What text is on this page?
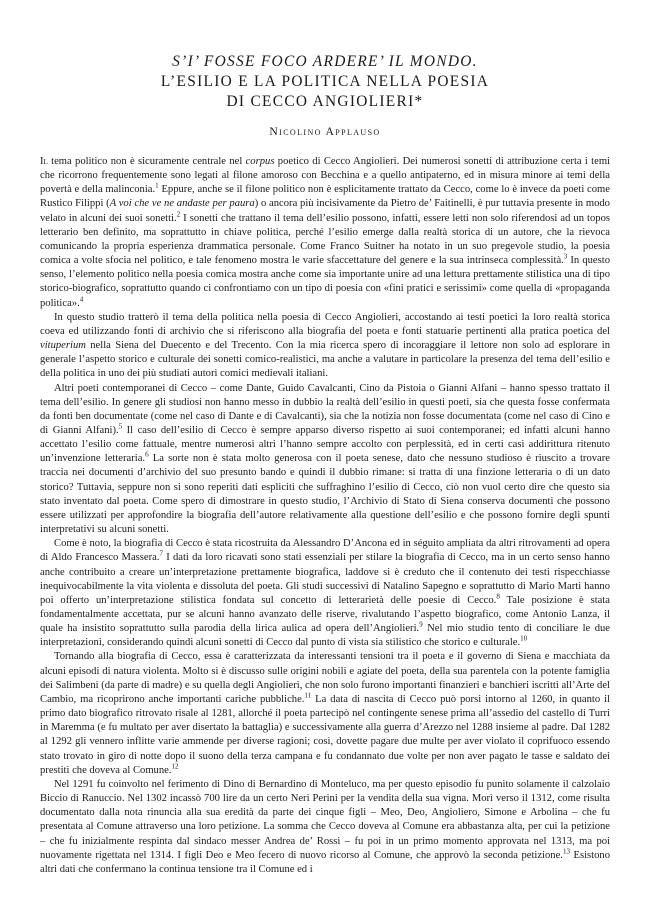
S’I’ FOSSE FOCO ARDERE’ IL MONDO.
L’ESILIO E LA POLITICA NELLA POESIA
DI CECCO ANGIOLIERI*
Nicolino Applauso

Il tema politico non è sicuramente centrale nel corpus poetico di Cecco Angiolieri. Dei numerosi sonetti di attribuzione certa i temi che ricorrono frequentemente sono legati al filone amoroso con Becchina e a quello antipaterno, ed in misura minore ai temi della povertà e della malinconia.$^1$ Eppure, anche se il filone politico non è esplicitamente trattato da Cecco, come lo è invece da poeti come Rustico Filippi (A voi che ve ne andaste per paura) o ancora più incisivamente da Pietro de’ Faitinelli, è pur tuttavia presente in modo velato in alcuni dei suoi sonetti.$^2$ I sonetti che trattano il tema dell’esilio possono, infatti, essere letti non solo riferendosi ad un topos letterario ben definito, ma soprattutto in chiave politica, perché l’esilio emerge dalla realtà storica di un autore, che la rievoca comunicando la propria esperienza drammatica personale. Come Franco Suitner ha notato in un suo pregevole studio, la poesia comica a volte sfocia nel politico, e tale fenomeno mostra le varie sfaccettature del genere e la sua intrinseca complessità.$^3$ In questo senso, l’elemento politico nella poesia comica mostra anche come sia importante unire ad una lettura prettamente stilistica una di tipo storico-biografico, soprattutto quando ci confrontiamo con un tipo di poesia con «fini pratici e serissimi» come quella di «propaganda politica».$^4$

In questo studio tratterò il tema della politica nella poesia di Cecco Angiolieri, accostando ai testi poetici la loro realtà storica coeva ed utilizzando fonti di archivio che si riferiscono alla biografia del poeta e fonti statuarie pertinenti alla pratica poetica del vituperium nella Siena del Duecento e del Trecento. Con la mia ricerca spero di incoraggiare il lettore non solo ad esplorare in generale l’aspetto storico e culturale dei sonetti comico-realistici, ma anche a valutare in particolare la presenza del tema dell’esilio e della politica in uno dei più studiati autori comici medievali italiani.

Altri poeti contemporanei di Cecco – come Dante, Guido Cavalcanti, Cino da Pistoia o Gianni Alfani – hanno spesso trattato il tema dell’esilio. In genere gli studiosi non hanno messo in dubbio la realtà dell’esilio in questi poeti, sia che questa fosse confermata da fonti ben documentate (come nel caso di Dante e di Cavalcanti), sia che la notizia non fosse documentata (come nel caso di Cino e di Gianni Alfani).$^5$ Il caso dell’esilio di Cecco è sempre apparso diverso rispetto ai suoi contemporanei; ed infatti alcuni hanno accettato l’esilio come fattuale, mentre numerosi altri l’hanno sempre accolto con perplessità, ed in certi casi addirittura ritenuto un’invenzione letteraria.$^6$ La sorte non è stata molto generosa con il poeta senese, dato che nessuno studioso è riuscito a trovare traccia nei documenti d’archivio del suo presunto bando e quindi il dubbio rimane: si tratta di una finzione letteraria o di un dato storico? Tuttavia, seppure non si sono reperiti dati espliciti che suffraghino l’esilio di Cecco, ciò non vuol certo dire che questo sia stato inventato dal poeta. Come spero di dimostrare in questo studio, l’Archivio di Stato di Siena conserva documenti che possono essere utilizzati per approfondire la biografia dell’autore relativamente alla questione dell’esilio e che possono fornire degli spunti interpretativi su alcuni sonetti.

Come è noto, la biografia di Cecco è stata ricostruita da Alessandro D’Ancona ed in séguito ampliata da altri ritrovamenti ad opera di Aldo Francesco Massera.$^7$ I dati da loro ricavati sono stati essenziali per stilare la biografia di Cecco, ma in un certo senso hanno anche contribuito a creare un’interpretazione prettamente biografica, laddove si è creduto che il contenuto dei testi rispecchiasse inequivocabilmente la vita violenta e dissoluta del poeta. Gli studi successivi di Natalino Sapegno e soprattutto di Mario Marti hanno poi offerto un’interpretazione stilistica fondata sul concetto di letterarietà delle poesie di Cecco.$^8$ Tale posizione è stata fondamentalmente accettata, pur se alcuni hanno avanzato delle riserve, rivalutando l’aspetto biografico, come Antonio Lanza, il quale ha insistito soprattutto sulla parodia della lirica aulica ad opera dell’Angiolieri.$^9$ Nel mio studio tento di conciliare le due interpretazioni, considerando quindi alcuni sonetti di Cecco dal punto di vista sia stilistico che storico e culturale.$^{10}$

Tornando alla biografia di Cecco, essa è caratterizzata da interessanti tensioni tra il poeta e il governo di Siena e macchiata da alcuni episodi di natura violenta. Molto si è discusso sulle origini nobili e agiate del poeta, della sua parentela con la potente famiglia dei Salimbeni (da parte di madre) e su quella degli Angiolieri, che non solo furono importanti finanzieri e banchieri iscritti all’Arte del Cambio, ma ricoprirono anche importanti cariche pubbliche.$^{11}$ La data di nascita di Cecco può porsi intorno al 1260, in quanto il primo dato biografico ritrovato risale al 1281, allorché il poeta partecipò nel contingente senese prima all’assedio del castello di Turri in Maremma (e fu multato per aver disertato la battaglia) e successivamente alla guerra d’Arezzo nel 1288 insieme al padre. Dal 1282 al 1292 gli vennero inflitte varie ammende per diverse ragioni; così, dovette pagare due multe per aver violato il coprifuoco essendo stato trovato in giro di notte dopo il suono della terza campana e fu condannato due volte per non aver pagato le tasse e saldato dei prestiti che doveva al Comune.$^{12}$

Nel 1291 fu coinvolto nel ferimento di Dino di Bernardino di Monteluco, ma per questo episodio fu punito solamente il calzolaio Biccio di Ranuccio. Nel 1302 incassò 700 lire da un certo Neri Perini per la vendita della sua vigna. Morì verso il 1312, come risulta documentato dalla nota rinuncia alla sua eredità da parte dei cinque figli – Meo, Deo, Angioliero, Simone e Arbolina – che fu presentata al Comune attraverso una loro petizione. La somma che Cecco doveva al Comune era abbastanza alta, per cui la petizione – che fu inizialmente respinta dal sindaco messer Andrea de’ Rossi – fu poi in un primo momento approvata nel 1313, ma poi nuovamente rigettata nel 1314. I figli Deo e Meo fecero di nuovo ricorso al Comune, che approvò la seconda petizione.$^{13}$ Esistono altri dati che confermano la continua tensione tra il Comune ed i
